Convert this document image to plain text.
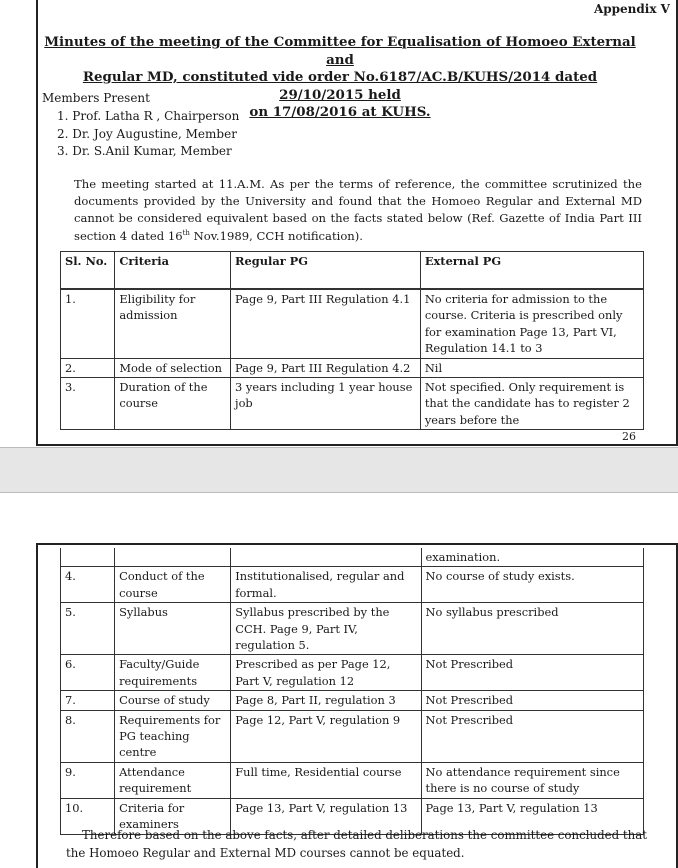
Appendix V
Minutes of the meeting of the Committee for Equalisation of Homoeo External and
Regular MD, constituted vide order No.6187/AC.B/KUHS/2014 dated 29/10/2015 held
on 17/08/2016 at KUHS.
Members Present
1. Prof. Latha R , Chairperson
2. Dr. Joy Augustine, Member
3. Dr. S.Anil Kumar, Member
The meeting started at 11.A.M. As per the terms of reference, the committee scrutinized the documents provided by the University and found that the Homoeo Regular and External MD cannot be considered equivalent based on the facts stated below (Ref. Gazette of India Part III section 4 dated 16th Nov.1989, CCH notification).
Sl. No.	Criteria	Regular PG	External PG
1.	Eligibility for admission	Page 9, Part III Regulation 4.1	No criteria for admission to the course. Criteria is prescribed only for examination Page 13, Part VI, Regulation 14.1 to 3
2.	Mode of selection	Page 9, Part III Regulation 4.2	Nil
3.	Duration of the course	3 years including 1 year house job	Not specified. Only requirement is that the candidate has to register 2 years before the
26
			examination.
4.	Conduct of the course	Institutionalised, regular and formal.	No course of study exists.
5.	Syllabus	Syllabus prescribed by the CCH. Page 9, Part IV, regulation 5.	No syllabus prescribed
6.	Faculty/Guide requirements	Prescribed as per Page 12, Part V, regulation 12	Not Prescribed
7.	Course of study	Page 8, Part II, regulation 3	Not Prescribed
8.	Requirements for PG teaching centre	Page 12, Part V, regulation 9	Not Prescribed
9.	Attendance requirement	Full time, Residential course	No attendance requirement since there is no course of study
10.	Criteria for examiners	Page 13, Part V, regulation 13	Page 13, Part V, regulation 13
Therefore based on the above facts, after detailed deliberations the committee concluded that
the Homoeo Regular and External MD courses cannot be equated.
